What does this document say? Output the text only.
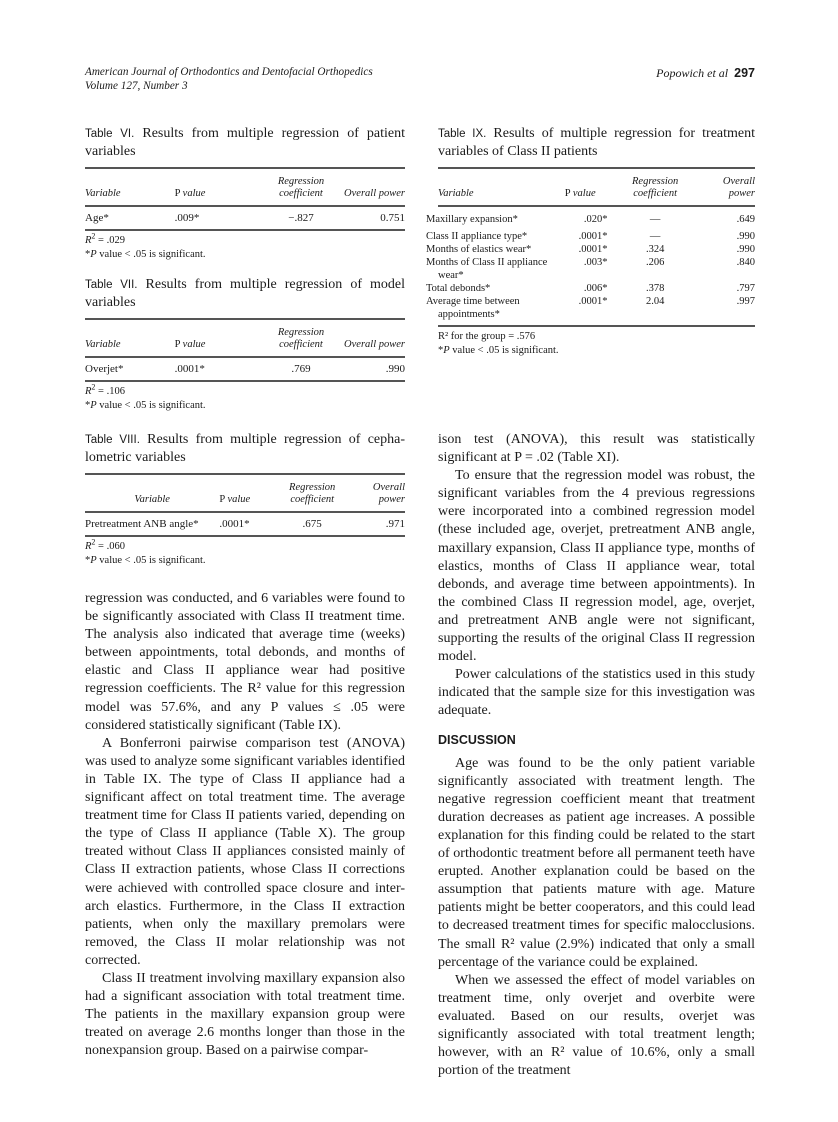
American Journal of Orthodontics and Dentofacial Orthopedics
Volume 127, Number 3
Popowich et al 297
Table VI. Results from multiple regression of patient variables
Variable	P value	Regression coefficient	Overall power
Age*	.009*	−.827	0.751
$R^2 = .029$
*P value < .05 is significant.
Table VII. Results from multiple regression of model variables
Variable	P value	Regression coefficient	Overall power
Overjet*	.0001*	.769	.990
$R^2 = .106$
*P value < .05 is significant.
Table VIII. Results from multiple regression of cepha-lometric variables
Variable	P value	Regression coefficient	Overall power
Pretreatment ANB angle*	.0001*	.675	.971
$R^2 = .060$
*P value < .05 is significant.
Table IX. Results of multiple regression for treatment variables of Class II patients
Variable	P value	Regression coefficient	Overall power
Maxillary expansion*	.020*	—	.649
Class II appliance type*	.0001*	—	.990
Months of elastics wear*	.0001*	.324	.990
Months of Class II appliance wear*	.003*	.206	.840
Total debonds*	.006*	.378	.797
Average time between appointments*	.0001*	2.04	.997
R² for the group = .576
*P value < .05 is significant.

regression was conducted, and 6 variables were found to be significantly associated with Class II treatment time. The analysis also indicated that average time (weeks) between appointments, total debonds, and months of elastic and Class II appliance wear had positive regression coefficients. The R² value for this regression model was 57.6%, and any P values ≤ .05 were considered statistically significant (Table IX).

A Bonferroni pairwise comparison test (ANOVA) was used to analyze some significant variables identified in Table IX. The type of Class II appliance had a significant affect on total treatment time. The average treatment time for Class II patients varied, depending on the type of Class II appliance (Table X). The group treated without Class II appliances consisted mainly of Class II extraction patients, whose Class II corrections were achieved with controlled space closure and inter-arch elastics. Furthermore, in the Class II extraction patients, when only the maxillary premolars were removed, the Class II molar relationship was not corrected.

Class II treatment involving maxillary expansion also had a significant association with total treatment time. The patients in the maxillary expansion group were treated on average 2.6 months longer than those in the nonexpansion group. Based on a pairwise compar-

ison test (ANOVA), this result was statistically significant at P = .02 (Table XI).

To ensure that the regression model was robust, the significant variables from the 4 previous regressions were incorporated into a combined regression model (these included age, overjet, pretreatment ANB angle, maxillary expansion, Class II appliance type, months of elastics, months of Class II appliance wear, total debonds, and average time between appointments). In the combined Class II regression model, age, overjet, and pretreatment ANB angle were not significant, supporting the results of the original Class II regression model.

Power calculations of the statistics used in this study indicated that the sample size for this investigation was adequate.

DISCUSSION

Age was found to be the only patient variable significantly associated with treatment length. The negative regression coefficient meant that treatment duration decreases as patient age increases. A possible explanation for this finding could be related to the start of orthodontic treatment before all permanent teeth have erupted. Another explanation could be based on the assumption that patients mature with age. Mature patients might be better cooperators, and this could lead to decreased treatment times for specific malocclusions. The small R² value (2.9%) indicated that only a small percentage of the variance could be explained.

When we assessed the effect of model variables on treatment time, only overjet and overbite were evaluated. Based on our results, overjet was significantly associated with total treatment length; however, with an R² value of 10.6%, only a small portion of the treatment
